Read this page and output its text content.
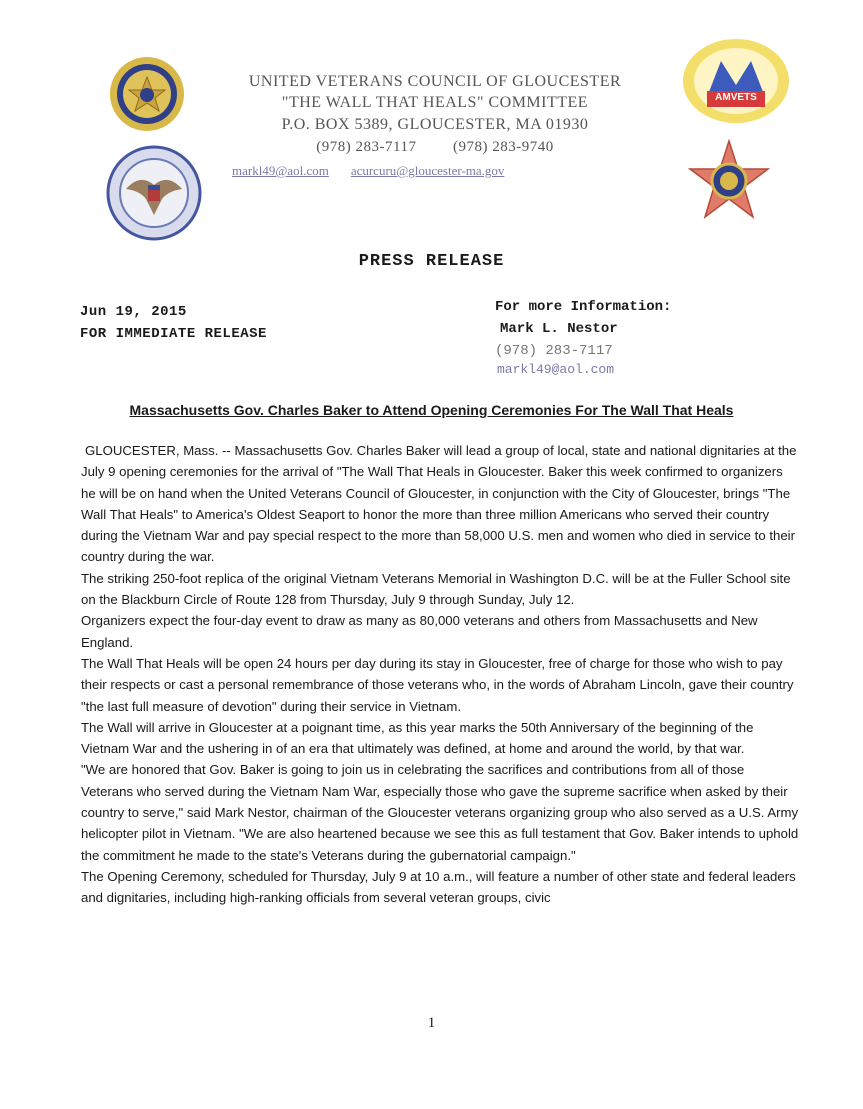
AMVETS
UNITED VETERANS COUNCIL OF GLOUCESTER
"THE WALL THAT HEALS" COMMITTEE
P.O. BOX 5389, GLOUCESTER, MA 01930
(978) 283-7117 (978) 283-9740
markl49@aol.com acurcuru@gloucester-ma.gov
PRESS RELEASE
Jun 19, 2015
FOR IMMEDIATE RELEASE
For more Information:
Mark L. Nestor
(978) 283-7117
markl49@aol.com
Massachusetts Gov. Charles Baker to Attend Opening Ceremonies For The Wall That Heals

GLOUCESTER, Mass. -- Massachusetts Gov. Charles Baker will lead a group of local, state and national dignitaries at the July 9 opening ceremonies for the arrival of "The Wall That Heals in Gloucester. Baker this week confirmed to organizers he will be on hand when the United Veterans Council of Gloucester, in conjunction with the City of Gloucester, brings "The Wall That Heals" to America's Oldest Seaport to honor the more than three million Americans who served their country during the Vietnam War and pay special respect to the more than 58,000 U.S. men and women who died in service to their country during the war.

The striking 250-foot replica of the original Vietnam Veterans Memorial in Washington D.C. will be at the Fuller School site on the Blackburn Circle of Route 128 from Thursday, July 9 through Sunday, July 12.

Organizers expect the four-day event to draw as many as 80,000 veterans and others from Massachusetts and New England.

The Wall That Heals will be open 24 hours per day during its stay in Gloucester, free of charge for those who wish to pay their respects or cast a personal remembrance of those veterans who, in the words of Abraham Lincoln, gave their country "the last full measure of devotion" during their service in Vietnam.

The Wall will arrive in Gloucester at a poignant time, as this year marks the 50th Anniversary of the beginning of the Vietnam War and the ushering in of an era that ultimately was defined, at home and around the world, by that war.

"We are honored that Gov. Baker is going to join us in celebrating the sacrifices and contributions from all of those Veterans who served during the Vietnam Nam War, especially those who gave the supreme sacrifice when asked by their country to serve," said Mark Nestor, chairman of the Gloucester veterans organizing group who also served as a U.S. Army helicopter pilot in Vietnam. "We are also heartened because we see this as full testament that Gov. Baker intends to uphold the commitment he made to the state's Veterans during the gubernatorial campaign."

The Opening Ceremony, scheduled for Thursday, July 9 at 10 a.m., will feature a number of other state and federal leaders and dignitaries, including high-ranking officials from several veteran groups, civic

1
